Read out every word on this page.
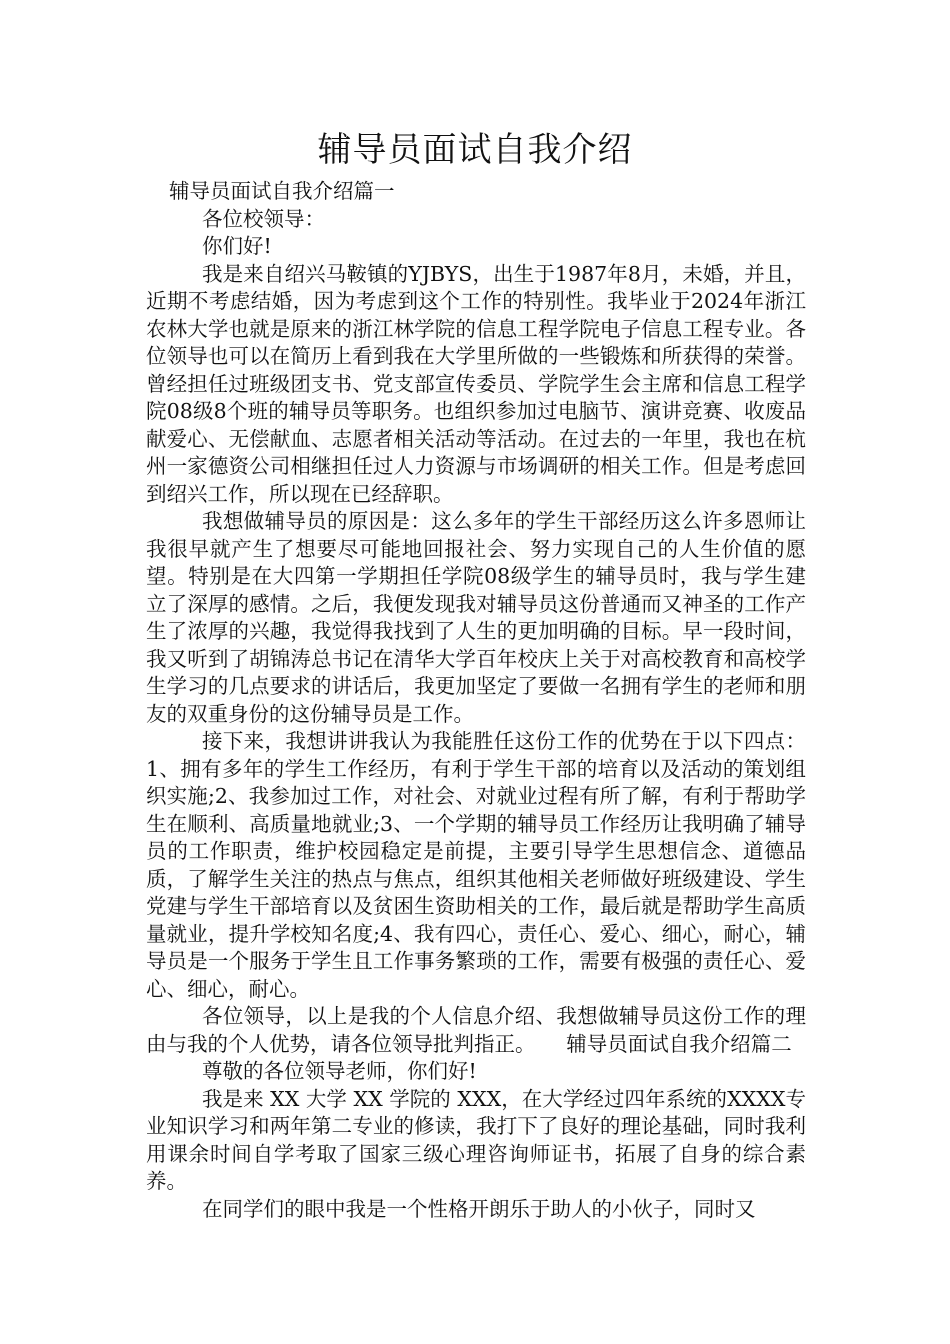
辅导员面试自我介绍

辅导员面试自我介绍篇一

各位校领导：

你们好!

我是来自绍兴马鞍镇的YJBYS，出生于1987年8月，未婚，并且，近期不考虑结婚，因为考虑到这个工作的特别性。我毕业于2024年浙江农林大学也就是原来的浙江林学院的信息工程学院电子信息工程专业。各位领导也可以在简历上看到我在大学里所做的一些锻炼和所获得的荣誉。曾经担任过班级团支书、党支部宣传委员、学院学生会主席和信息工程学院08级8个班的辅导员等职务。也组织参加过电脑节、演讲竞赛、收废品献爱心、无偿献血、志愿者相关活动等活动。在过去的一年里，我也在杭州一家德资公司相继担任过人力资源与市场调研的相关工作。但是考虑回到绍兴工作，所以现在已经辞职。

我想做辅导员的原因是：这么多年的学生干部经历这么许多恩师让我很早就产生了想要尽可能地回报社会、努力实现自己的人生价值的愿望。特别是在大四第一学期担任学院08级学生的辅导员时，我与学生建立了深厚的感情。之后，我便发现我对辅导员这份普通而又神圣的工作产生了浓厚的兴趣，我觉得我找到了人生的更加明确的目标。早一段时间，我又听到了胡锦涛总书记在清华大学百年校庆上关于对高校教育和高校学生学习的几点要求的讲话后，我更加坚定了要做一名拥有学生的老师和朋友的双重身份的这份辅导员是工作。

接下来，我想讲讲我认为我能胜任这份工作的优势在于以下四点：1、拥有多年的学生工作经历，有利于学生干部的培育以及活动的策划组织实施;2、我参加过工作，对社会、对就业过程有所了解，有利于帮助学生在顺利、高质量地就业;3、一个学期的辅导员工作经历让我明确了辅导员的工作职责，维护校园稳定是前提，主要引导学生思想信念、道德品质，了解学生关注的热点与焦点，组织其他相关老师做好班级建设、学生党建与学生干部培育以及贫困生资助相关的工作，最后就是帮助学生高质量就业，提升学校知名度;4、我有四心，责任心、爱心、细心，耐心，辅导员是一个服务于学生且工作事务繁琐的工作，需要有极强的责任心、爱心、细心，耐心。

各位领导，以上是我的个人信息介绍、我想做辅导员这份工作的理由与我的个人优势，请各位领导批判指正。　　辅导员面试自我介绍篇二

尊敬的各位领导老师，你们好!

我是来 XX 大学 XX 学院的 XXX，在大学经过四年系统的XXXX专业知识学习和两年第二专业的修读，我打下了良好的理论基础，同时我利用课余时间自学考取了国家三级心理咨询师证书，拓展了自身的综合素养。

在同学们的眼中我是一个性格开朗乐于助人的小伙子，同时又
